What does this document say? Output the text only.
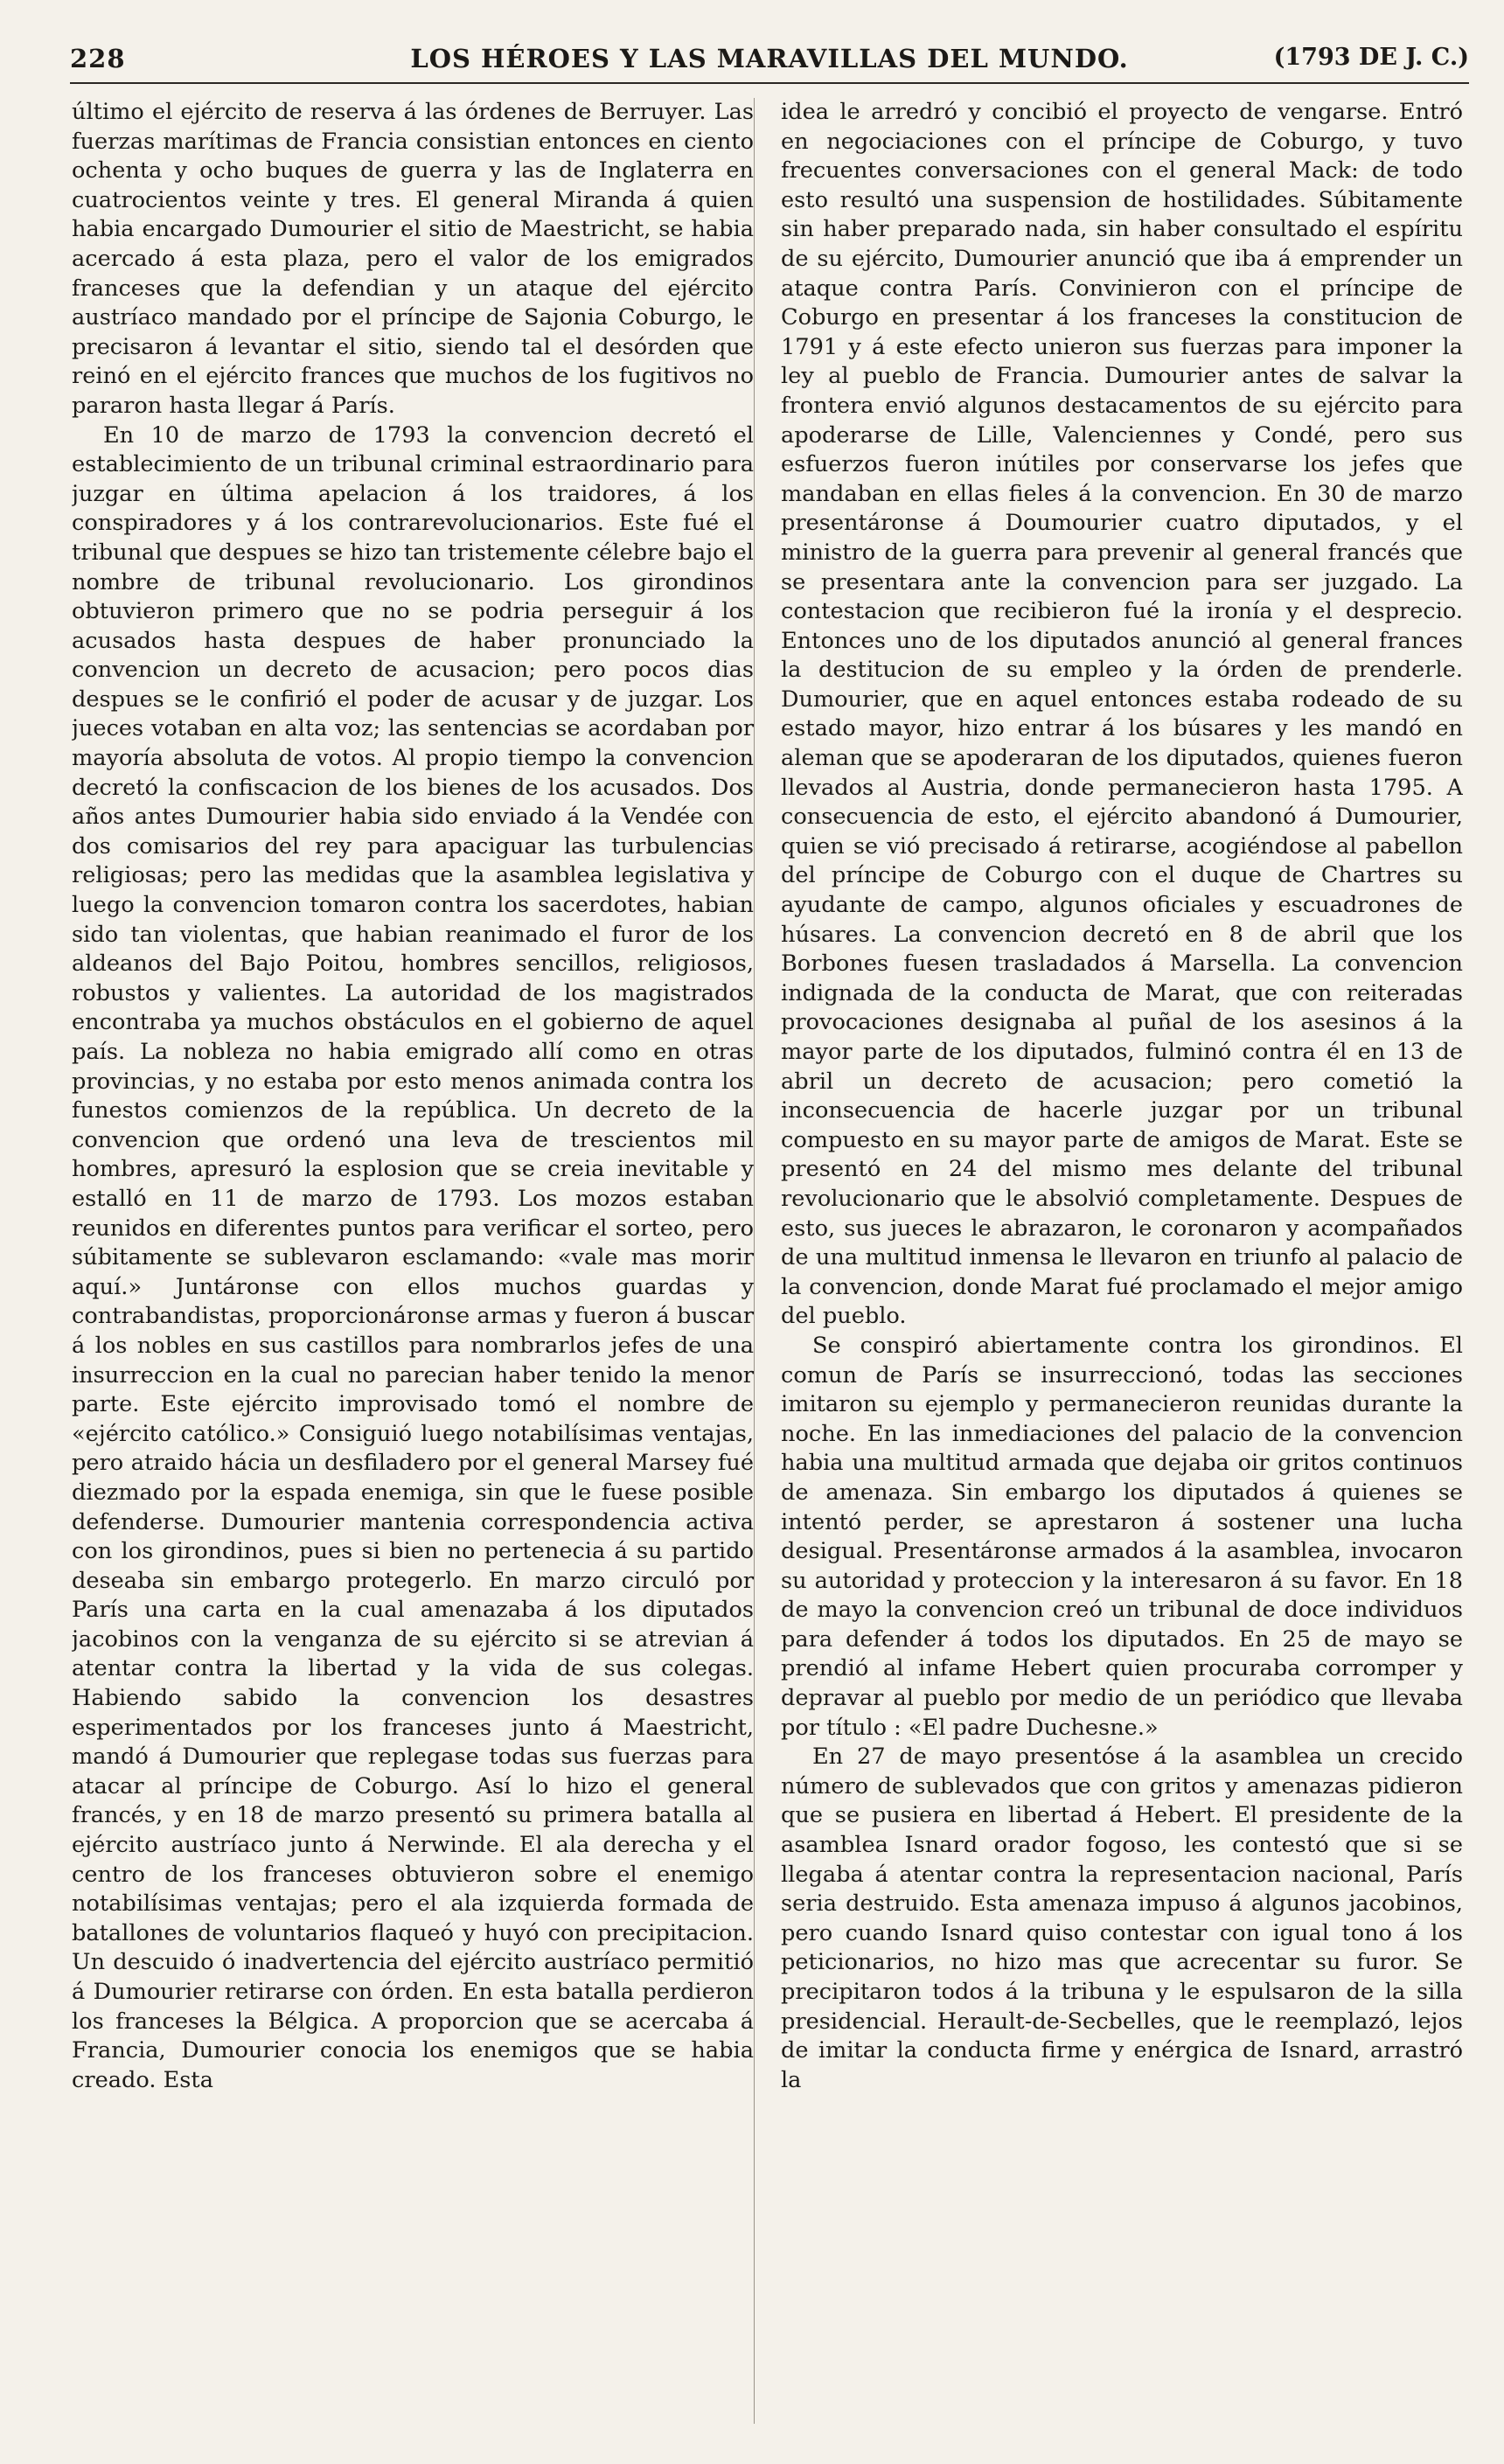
228	LOS HÉROES Y LAS MARAVILLAS DEL MUNDO.	(1793 DE J. C.)

último el ejército de reserva á las órdenes de Berruyer. Las fuerzas marítimas de Francia consistian entonces en ciento ochenta y ocho buques de guerra y las de Inglaterra en cuatrocientos veinte y tres. El general Miranda á quien habia encargado Dumourier el sitio de Maestricht, se habia acercado á esta plaza, pero el valor de los emigrados franceses que la defendian y un ataque del ejército austríaco mandado por el príncipe de Sajonia Coburgo, le precisaron á levantar el sitio, siendo tal el desórden que reinó en el ejército frances que muchos de los fugitivos no pararon hasta llegar á París.

En 10 de marzo de 1793 la convencion decretó el establecimiento de un tribunal criminal estraordinario para juzgar en última apelacion á los traidores, á los conspiradores y á los contrarevolucionarios. Este fué el tribunal que despues se hizo tan tristemente célebre bajo el nombre de tribunal revolucionario. Los girondinos obtuvieron primero que no se podria perseguir á los acusados hasta despues de haber pronunciado la convencion un decreto de acusacion; pero pocos dias despues se le confirió el poder de acusar y de juzgar. Los jueces votaban en alta voz; las sentencias se acordaban por mayoría absoluta de votos. Al propio tiempo la convencion decretó la confiscacion de los bienes de los acusados. Dos años antes Dumourier habia sido enviado á la Vendée con dos comisarios del rey para apaciguar las turbulencias religiosas; pero las medidas que la asamblea legislativa y luego la convencion tomaron contra los sacerdotes, habian sido tan violentas, que habian reanimado el furor de los aldeanos del Bajo Poitou, hombres sencillos, religiosos, robustos y valientes. La autoridad de los magistrados encontraba ya muchos obstáculos en el gobierno de aquel país. La nobleza no habia emigrado allí como en otras provincias, y no estaba por esto menos animada contra los funestos comienzos de la república. Un decreto de la convencion que ordenó una leva de trescientos mil hombres, apresuró la esplosion que se creia inevitable y estalló en 11 de marzo de 1793. Los mozos estaban reunidos en diferentes puntos para verificar el sorteo, pero súbitamente se sublevaron esclamando: «vale mas morir aquí.» Juntáronse con ellos muchos guardas y contrabandistas, proporcionáronse armas y fueron á buscar á los nobles en sus castillos para nombrarlos jefes de una insurreccion en la cual no parecian haber tenido la menor parte. Este ejército improvisado tomó el nombre de «ejército católico.» Consiguió luego notabilísimas ventajas, pero atraido hácia un desfiladero por el general Marsey fué diezmado por la espada enemiga, sin que le fuese posible defenderse. Dumourier mantenia correspondencia activa con los girondinos, pues si bien no pertenecia á su partido deseaba sin embargo protegerlo. En marzo circuló por París una carta en la cual amenazaba á los diputados jacobinos con la venganza de su ejército si se atrevian á atentar contra la libertad y la vida de sus colegas. Habiendo sabido la convencion los desastres esperimentados por los franceses junto á Maestricht, mandó á Dumourier que replegase todas sus fuerzas para atacar al príncipe de Coburgo. Así lo hizo el general francés, y en 18 de marzo presentó su primera batalla al ejército austríaco junto á Nerwinde. El ala derecha y el centro de los franceses obtuvieron sobre el enemigo notabilísimas ventajas; pero el ala izquierda formada de batallones de voluntarios flaqueó y huyó con precipitacion. Un descuido ó inadvertencia del ejército austríaco permitió á Dumourier retirarse con órden. En esta batalla perdieron los franceses la Bélgica. A proporcion que se acercaba á Francia, Dumourier conocia los enemigos que se habia creado. Esta

idea le arredró y concibió el proyecto de vengarse. Entró en negociaciones con el príncipe de Coburgo, y tuvo frecuentes conversaciones con el general Mack: de todo esto resultó una suspension de hostilidades. Súbitamente sin haber preparado nada, sin haber consultado el espíritu de su ejército, Dumourier anunció que iba á emprender un ataque contra París. Convinieron con el príncipe de Coburgo en presentar á los franceses la constitucion de 1791 y á este efecto unieron sus fuerzas para imponer la ley al pueblo de Francia. Dumourier antes de salvar la frontera envió algunos destacamentos de su ejército para apoderarse de Lille, Valenciennes y Condé, pero sus esfuerzos fueron inútiles por conservarse los jefes que mandaban en ellas fieles á la convencion. En 30 de marzo presentáronse á Doumourier cuatro diputados, y el ministro de la guerra para prevenir al general francés que se presentara ante la convencion para ser juzgado. La contestacion que recibieron fué la ironía y el desprecio. Entonces uno de los diputados anunció al general frances la destitucion de su empleo y la órden de prenderle. Dumourier, que en aquel entonces estaba rodeado de su estado mayor, hizo entrar á los búsares y les mandó en aleman que se apoderaran de los diputados, quienes fueron llevados al Austria, donde permanecieron hasta 1795. A consecuencia de esto, el ejército abandonó á Dumourier, quien se vió precisado á retirarse, acogiéndose al pabellon del príncipe de Coburgo con el duque de Chartres su ayudante de campo, algunos oficiales y escuadrones de húsares. La convencion decretó en 8 de abril que los Borbones fuesen trasladados á Marsella. La convencion indignada de la conducta de Marat, que con reiteradas provocaciones designaba al puñal de los asesinos á la mayor parte de los diputados, fulminó contra él en 13 de abril un decreto de acusacion; pero cometió la inconsecuencia de hacerle juzgar por un tribunal compuesto en su mayor parte de amigos de Marat. Este se presentó en 24 del mismo mes delante del tribunal revolucionario que le absolvió completamente. Despues de esto, sus jueces le abrazaron, le coronaron y acompañados de una multitud inmensa le llevaron en triunfo al palacio de la convencion, donde Marat fué proclamado el mejor amigo del pueblo.

Se conspiró abiertamente contra los girondinos. El comun de París se insurreccionó, todas las secciones imitaron su ejemplo y permanecieron reunidas durante la noche. En las inmediaciones del palacio de la convencion habia una multitud armada que dejaba oir gritos continuos de amenaza. Sin embargo los diputados á quienes se intentó perder, se aprestaron á sostener una lucha desigual. Presentáronse armados á la asamblea, invocaron su autoridad y proteccion y la interesaron á su favor. En 18 de mayo la convencion creó un tribunal de doce individuos para defender á todos los diputados. En 25 de mayo se prendió al infame Hebert quien procuraba corromper y depravar al pueblo por medio de un periódico que llevaba por título : «El padre Duchesne.»

En 27 de mayo presentóse á la asamblea un crecido número de sublevados que con gritos y amenazas pidieron que se pusiera en libertad á Hebert. El presidente de la asamblea Isnard orador fogoso, les contestó que si se llegaba á atentar contra la representacion nacional, París seria destruido. Esta amenaza impuso á algunos jacobinos, pero cuando Isnard quiso contestar con igual tono á los peticionarios, no hizo mas que acrecentar su furor. Se precipitaron todos á la tribuna y le espulsaron de la silla presidencial. Herault-de-Secbelles, que le reemplazó, lejos de imitar la conducta firme y enérgica de Isnard, arrastró la
